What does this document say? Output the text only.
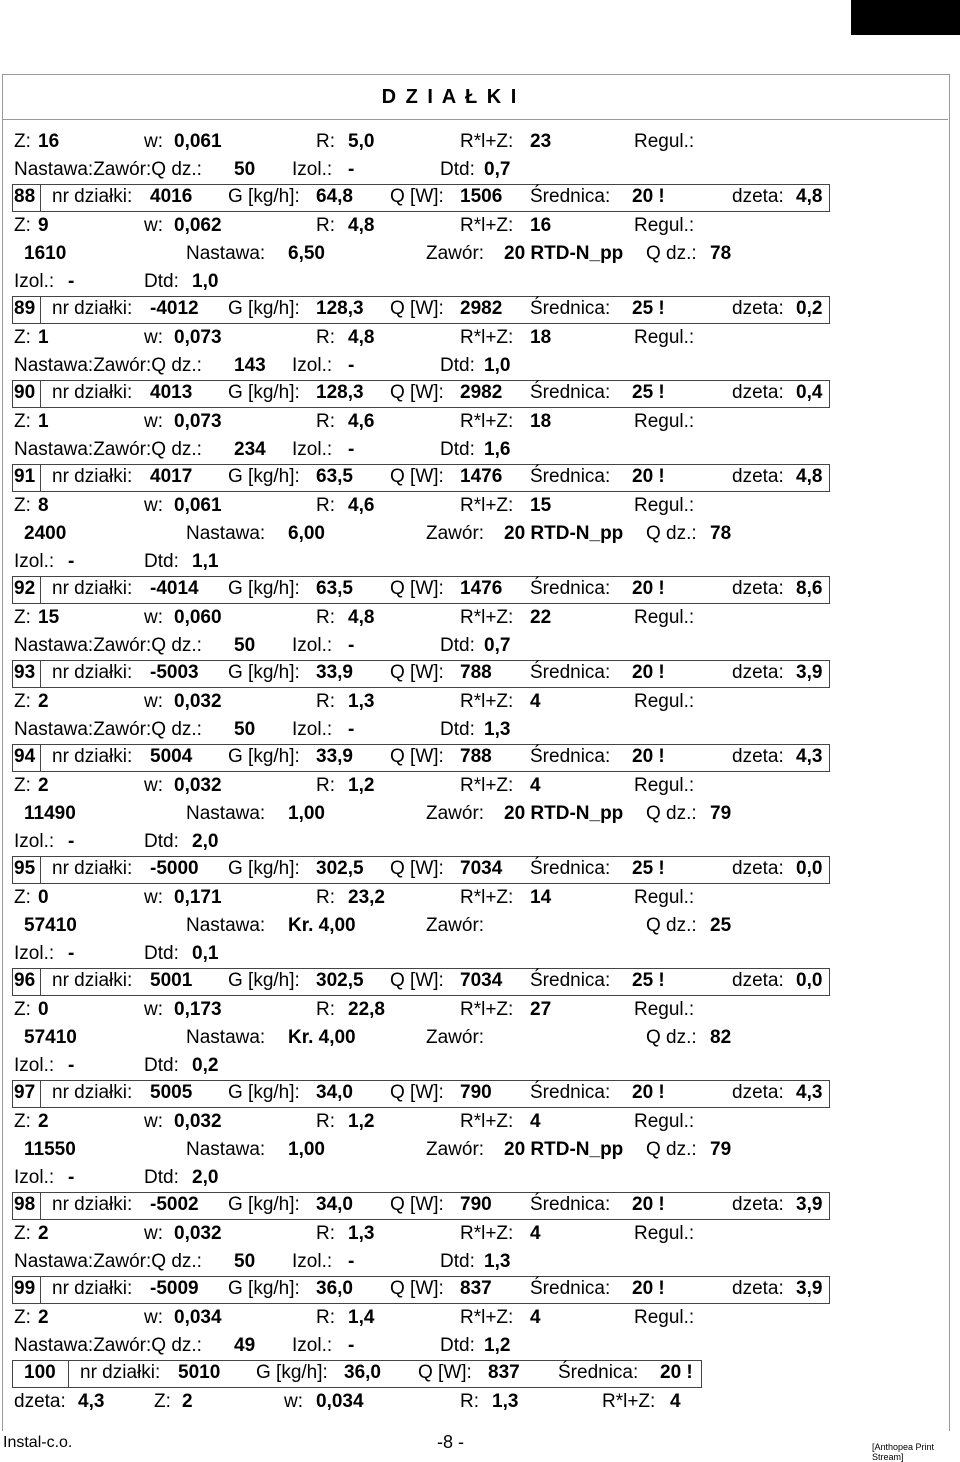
D Z I A Ł K I
Z: 16	w: 0,061	R: 5,0	R*l+Z: 23	Regul.:
Nastawa:Zawór:Q dz.: 50 Izol.: -	Dtd: 0,7
88 nr działki: 4016 G [kg/h]: 64,8 Q [W]: 1506 Średnica: 20 !	dzeta: 4,8
Z: 9	w: 0,062	R: 4,8	R*l+Z: 16	Regul.:
1610	Nastawa: 6,50	Zawór: 20 RTD-N_pp Q dz.: 78
Izol.: -	Dtd: 1,0
89 nr działki: -4012 G [kg/h]: 128,3 Q [W]: 2982 Średnica: 25 !	dzeta: 0,2
Z: 1	w: 0,073	R: 4,8	R*l+Z: 18	Regul.:
Nastawa:Zawór:Q dz.: 143 Izol.: -	Dtd: 1,0
90 nr działki: 4013 G [kg/h]: 128,3 Q [W]: 2982 Średnica: 25 !	dzeta: 0,4
Z: 1	w: 0,073	R: 4,6	R*l+Z: 18	Regul.:
Nastawa:Zawór:Q dz.: 234 Izol.: -	Dtd: 1,6
91 nr działki: 4017 G [kg/h]: 63,5 Q [W]: 1476 Średnica: 20 !	dzeta: 4,8
Z: 8	w: 0,061	R: 4,6	R*l+Z: 15	Regul.:
2400	Nastawa: 6,00	Zawór: 20 RTD-N_pp Q dz.: 78
Izol.: -	Dtd: 1,1
92 nr działki: -4014 G [kg/h]: 63,5 Q [W]: 1476 Średnica: 20 !	dzeta: 8,6
Z: 15	w: 0,060	R: 4,8	R*l+Z: 22	Regul.:
Nastawa:Zawór:Q dz.: 50 Izol.: -	Dtd: 0,7
93 nr działki: -5003 G [kg/h]: 33,9 Q [W]: 788 Średnica: 20 !	dzeta: 3,9
Z: 2	w: 0,032	R: 1,3	R*l+Z: 4	Regul.:
Nastawa:Zawór:Q dz.: 50 Izol.: -	Dtd: 1,3
94 nr działki: 5004 G [kg/h]: 33,9 Q [W]: 788 Średnica: 20 !	dzeta: 4,3
Z: 2	w: 0,032	R: 1,2	R*l+Z: 4	Regul.:
11490	Nastawa: 1,00	Zawór: 20 RTD-N_pp Q dz.: 79
Izol.: -	Dtd: 2,0
95 nr działki: -5000 G [kg/h]: 302,5 Q [W]: 7034 Średnica: 25 !	dzeta: 0,0
Z: 0	w: 0,171	R: 23,2	R*l+Z: 14	Regul.:
57410	Nastawa: Kr. 4,00	Zawór:	Q dz.: 25
Izol.: -	Dtd: 0,1
96 nr działki: 5001 G [kg/h]: 302,5 Q [W]: 7034 Średnica: 25 !	dzeta: 0,0
Z: 0	w: 0,173	R: 22,8	R*l+Z: 27	Regul.:
57410	Nastawa: Kr. 4,00	Zawór:	Q dz.: 82
Izol.: -	Dtd: 0,2
97 nr działki: 5005 G [kg/h]: 34,0 Q [W]: 790 Średnica: 20 !	dzeta: 4,3
Z: 2	w: 0,032	R: 1,2	R*l+Z: 4	Regul.:
11550	Nastawa: 1,00	Zawór: 20 RTD-N_pp Q dz.: 79
Izol.: -	Dtd: 2,0
98 nr działki: -5002 G [kg/h]: 34,0 Q [W]: 790 Średnica: 20 !	dzeta: 3,9
Z: 2	w: 0,032	R: 1,3	R*l+Z: 4	Regul.:
Nastawa:Zawór:Q dz.: 50 Izol.: -	Dtd: 1,3
99 nr działki: -5009 G [kg/h]: 36,0 Q [W]: 837 Średnica: 20 !	dzeta: 3,9
Z: 2	w: 0,034	R: 1,4	R*l+Z: 4	Regul.:
Nastawa:Zawór:Q dz.: 49 Izol.: -	Dtd: 1,2
100 nr działki: 5010 G [kg/h]: 36,0 Q [W]: 837 Średnica: 20 !
dzeta: 4,3	Z: 2	w: 0,034	R: 1,3	R*l+Z: 4
Instal-c.o.	-8 -	[Anthopea Print Stream]
